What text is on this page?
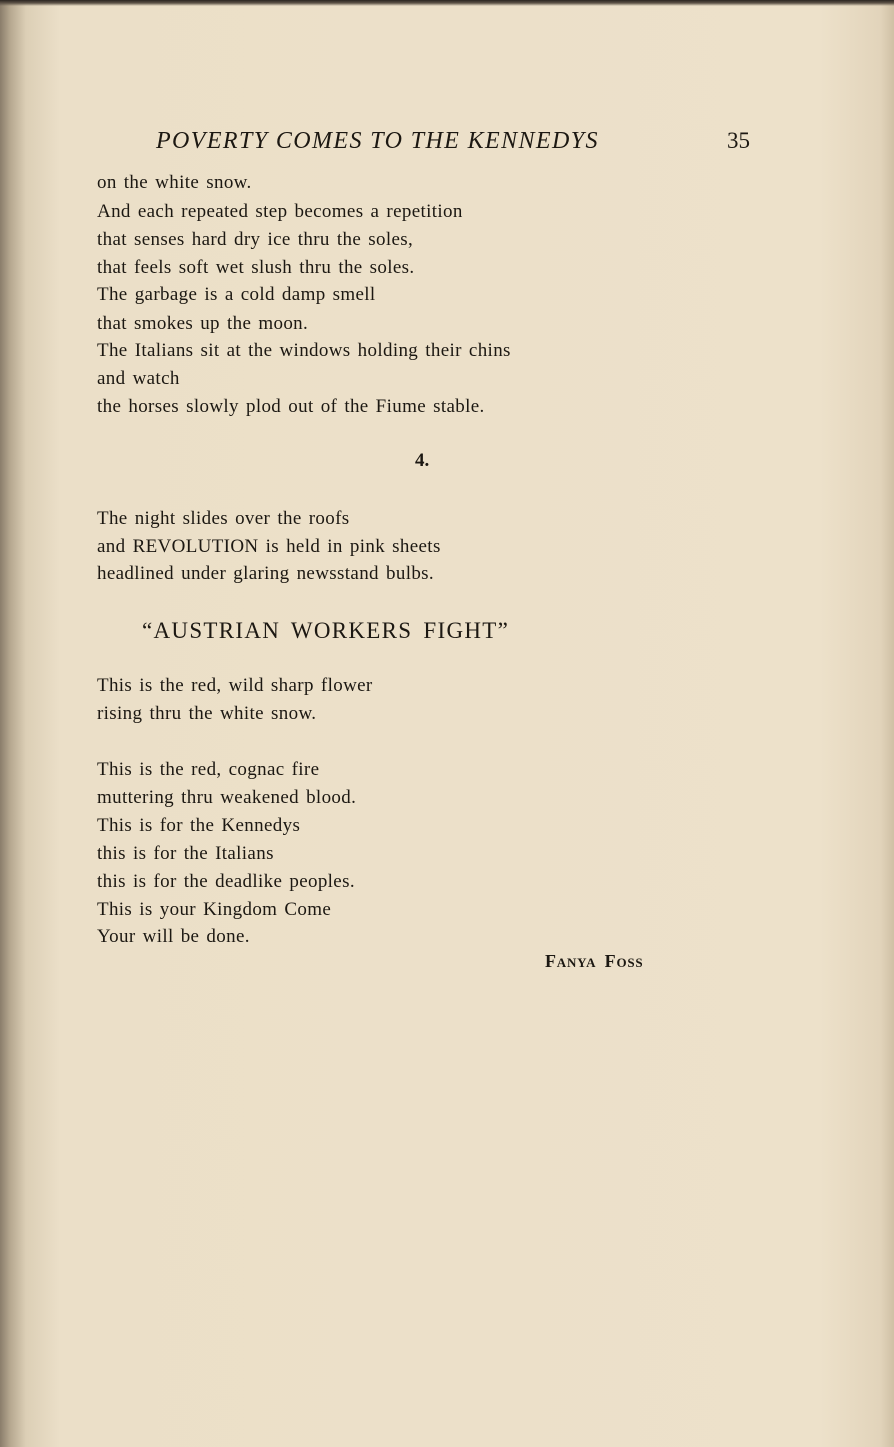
POVERTY COMES TO THE KENNEDYS	35
on the white snow.
And each repeated step becomes a repetition
that senses hard dry ice thru the soles,
that feels soft wet slush thru the soles.
The garbage is a cold damp smell
that smokes up the moon.
The Italians sit at the windows holding their chins
and watch
the horses slowly plod out of the Fiume stable.
4.
The night slides over the roofs
and REVOLUTION is held in pink sheets
headlined under glaring newsstand bulbs.
“AUSTRIAN WORKERS FIGHT”
This is the red, wild sharp flower
rising thru the white snow.
This is the red, cognac fire
muttering thru weakened blood.
This is for the Kennedys
this is for the Italians
this is for the deadlike peoples.
This is your Kingdom Come
Your will be done.
Fanya Foss
